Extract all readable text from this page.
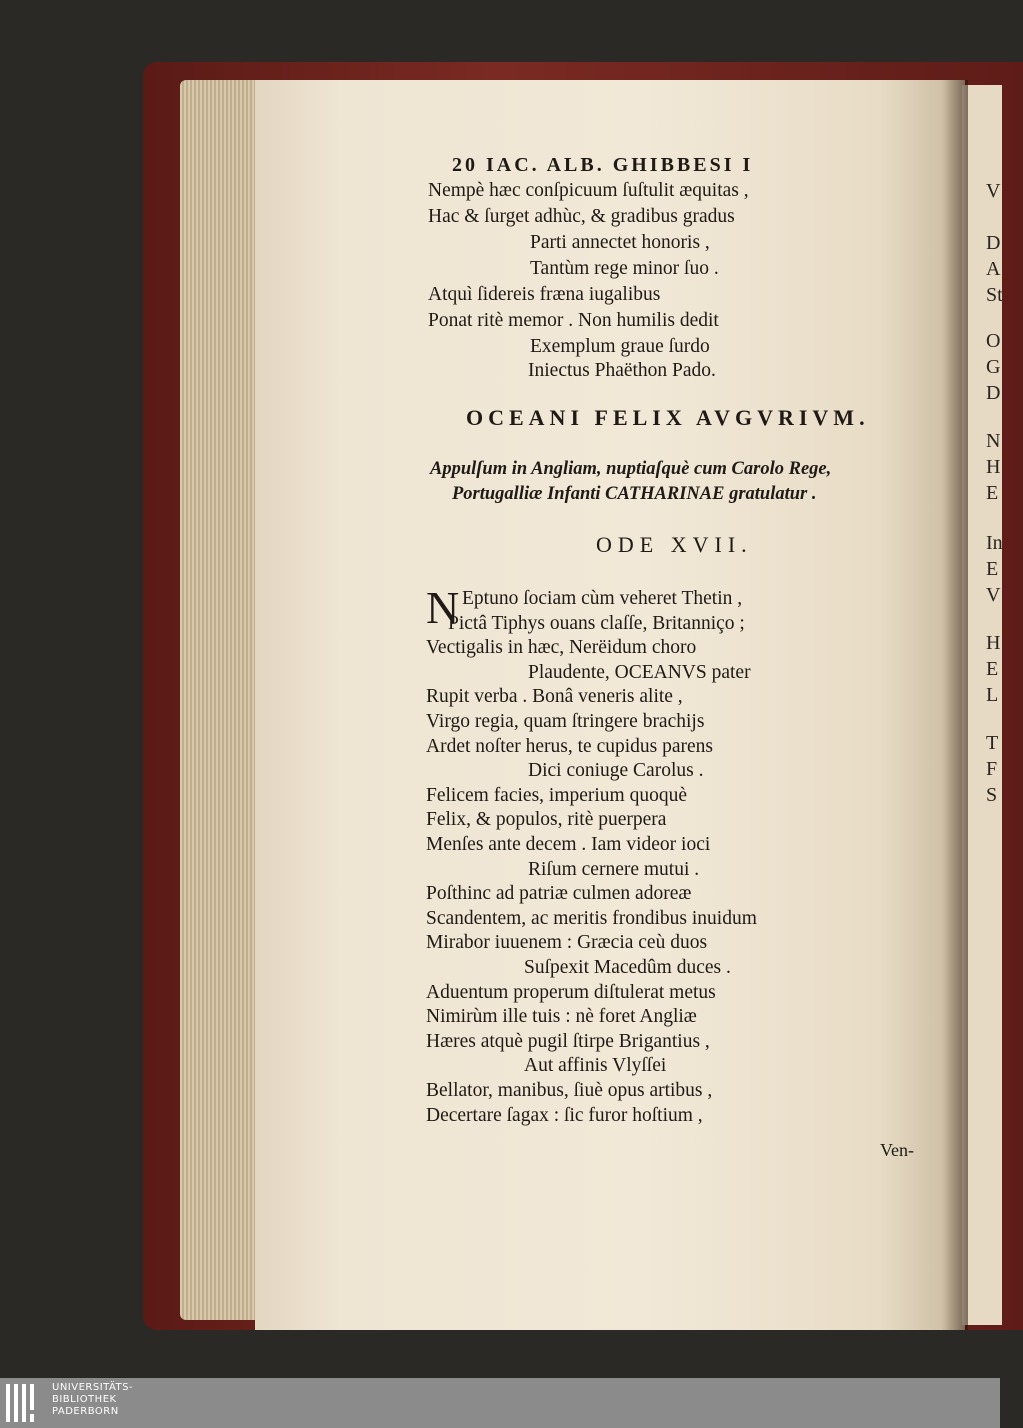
V
D
A
St
O
G
D
N
H
E
In
E
V
H
E
L
T
F
S
20 IAC. ALB. GHIBBESI I
Nempè hæc conſpicuum ſuſtulit æquitas ,
Hac & ſurget adhùc, & gradibus gradus
Parti annectet honoris ,
Tantùm rege minor ſuo .
Atquì ſidereis fræna iugalibus
Ponat ritè memor . Non humilis dedit
Exemplum graue ſurdo
Iniectus Phaëthon Pado.
OCEANI FELIX AVGVRIVM.
Appulſum in Angliam, nuptiaſquè cum Carolo Rege,
Portugalliæ Infanti CATHARINAE gratulatur .
ODE XVII.
N Eptuno ſociam cùm veheret Thetin ,
Pictâ Tiphys ouans claſſe, Britanniço ;
Vectigalis in hæc, Nerëidum choro
Plaudente, OCEANVS pater
Rupit verba . Bonâ veneris alite ,
Virgo regia, quam ſtringere brachijs
Ardet noſter herus, te cupidus parens
Dici coniuge Carolus .
Felicem facies, imperium quoquè
Felix, & populos, ritè puerpera
Menſes ante decem . Iam videor ioci
Riſum cernere mutui .
Poſthinc ad patriæ culmen adoreæ
Scandentem, ac meritis frondibus inuidum
Mirabor iuuenem : Græcia ceù duos
Suſpexit Macedûm duces .
Aduentum properum diſtulerat metus
Nimirùm ille tuis : nè foret Angliæ
Hæres atquè pugil ſtirpe Brigantius ,
Aut affinis Vlyſſei
Bellator, manibus, ſiuè opus artibus ,
Decertare ſagax : ſic furor hoſtium ,
Ven-
UNIVERSITÄTS-
BIBLIOTHEK
PADERBORN
